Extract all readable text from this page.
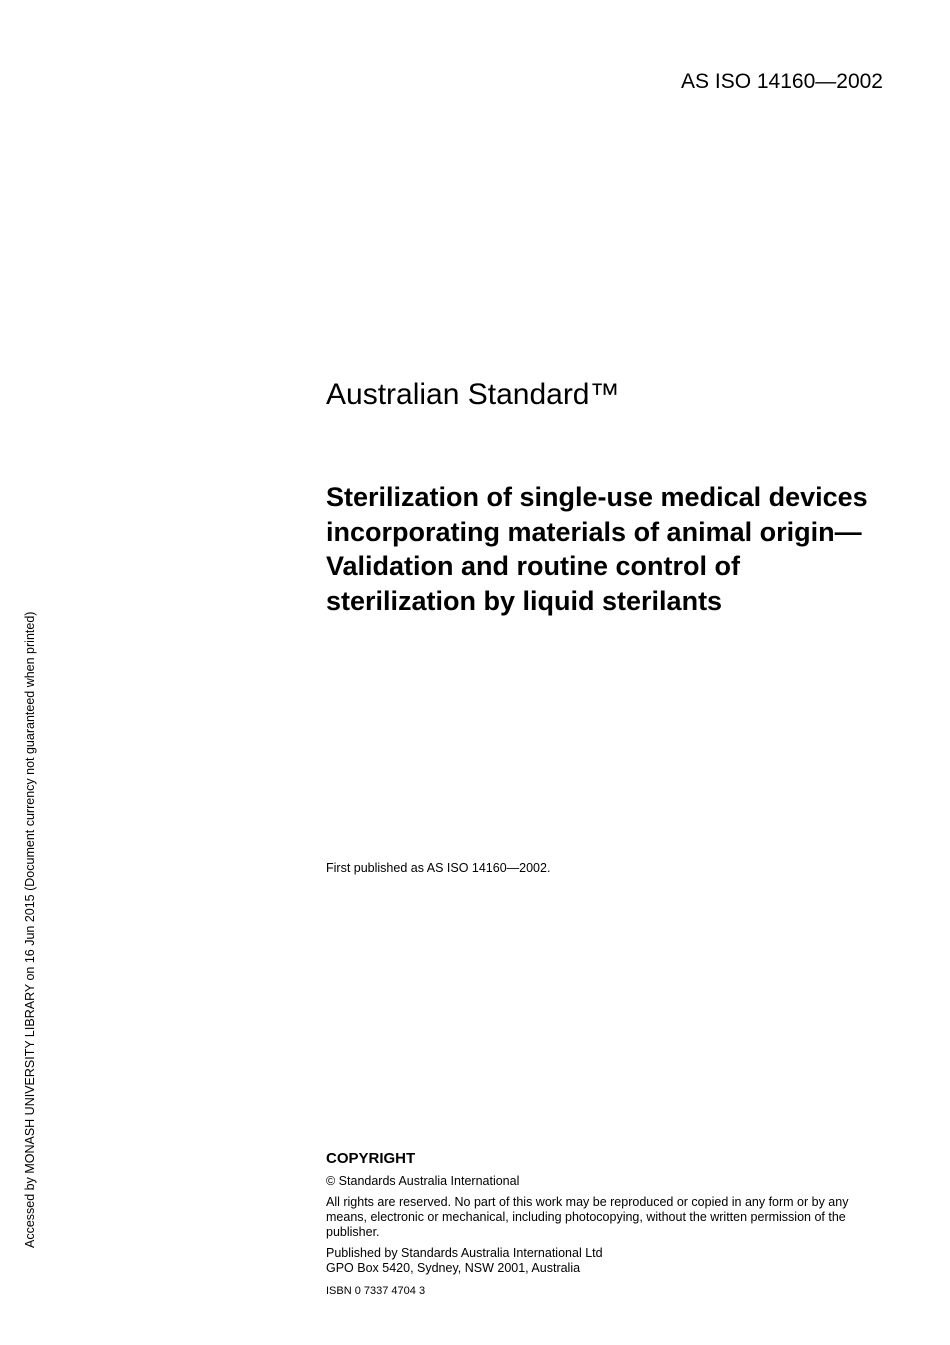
AS ISO 14160—2002
Australian Standard™
Sterilization of single-use medical devices incorporating materials of animal origin— Validation and routine control of sterilization by liquid sterilants
First published as AS ISO 14160—2002.
COPYRIGHT

© Standards Australia International

All rights are reserved. No part of this work may be reproduced or copied in any form or by any means, electronic or mechanical, including photocopying, without the written permission of the publisher.

Published by Standards Australia International Ltd
GPO Box 5420, Sydney, NSW 2001, Australia

ISBN 0 7337 4704 3
Accessed by MONASH UNIVERSITY LIBRARY on 16 Jun 2015 (Document currency not guaranteed when printed)
